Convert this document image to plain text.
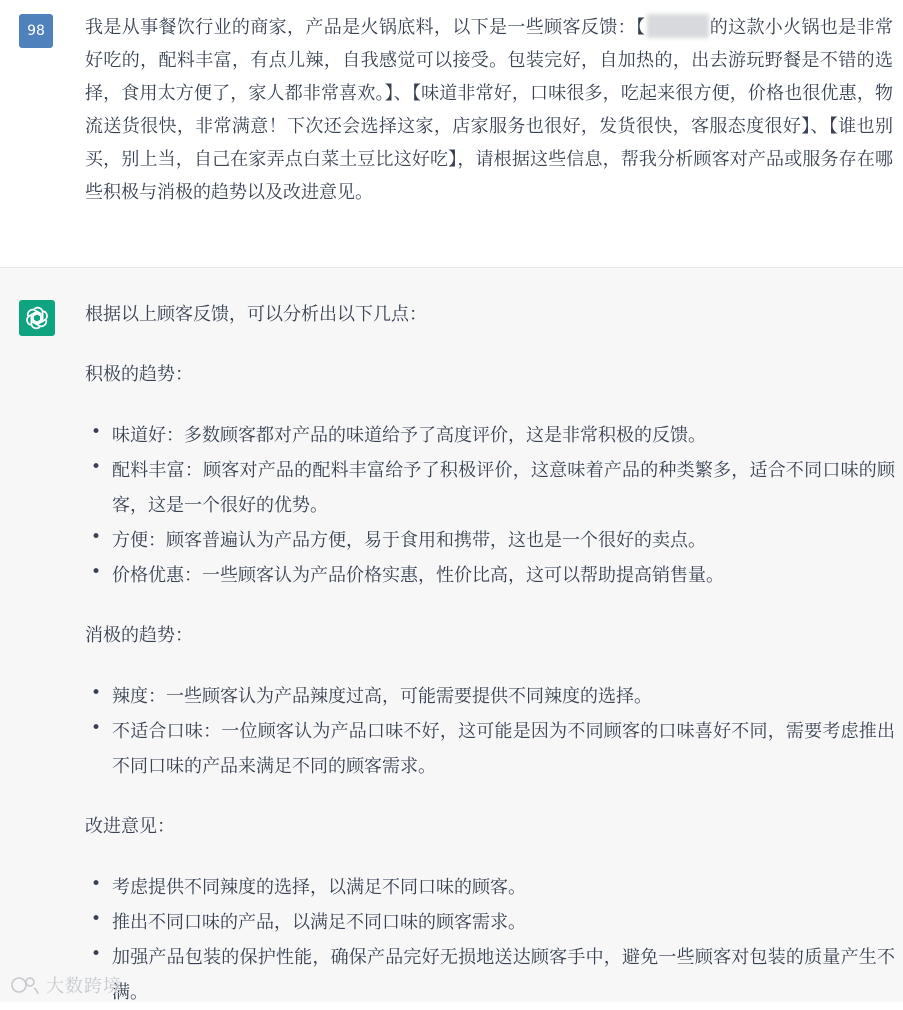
98	我是从事餐饮行业的商家，产品是火锅底料，以下是一些顾客反馈：【	的这款小火锅也是非常好吃的，配料丰富，有点儿辣，自我感觉可以接受。包装完好，自加热的，出去游玩野餐是不错的选择，食用太方便了，家人都非常喜欢。】、【味道非常好，口味很多，吃起来很方便，价格也很优惠，物流送货很快，非常满意！下次还会选择这家，店家服务也很好，发货很快，客服态度很好】、【谁也别买，别上当，自己在家弄点白菜土豆比这好吃】，请根据这些信息，帮我分析顾客对产品或服务存在哪些积极与消极的趋势以及改进意见。

根据以上顾客反馈，可以分析出以下几点：

积极的趋势：

• 味道好：多数顾客都对产品的味道给予了高度评价，这是非常积极的反馈。
• 配料丰富：顾客对产品的配料丰富给予了积极评价，这意味着产品的种类繁多，适合不同口味的顾客，这是一个很好的优势。
• 方便：顾客普遍认为产品方便，易于食用和携带，这也是一个很好的卖点。
• 价格优惠：一些顾客认为产品价格实惠，性价比高，这可以帮助提高销售量。

消极的趋势：

• 辣度：一些顾客认为产品辣度过高，可能需要提供不同辣度的选择。
• 不适合口味：一位顾客认为产品口味不好，这可能是因为不同顾客的口味喜好不同，需要考虑推出不同口味的产品来满足不同的顾客需求。

改进意见：

• 考虑提供不同辣度的选择，以满足不同口味的顾客。
• 推出不同口味的产品，以满足不同口味的顾客需求。
• 加强产品包装的保护性能，确保产品完好无损地送达顾客手中，避免一些顾客对包装的质量产生不满。
大数跨境
